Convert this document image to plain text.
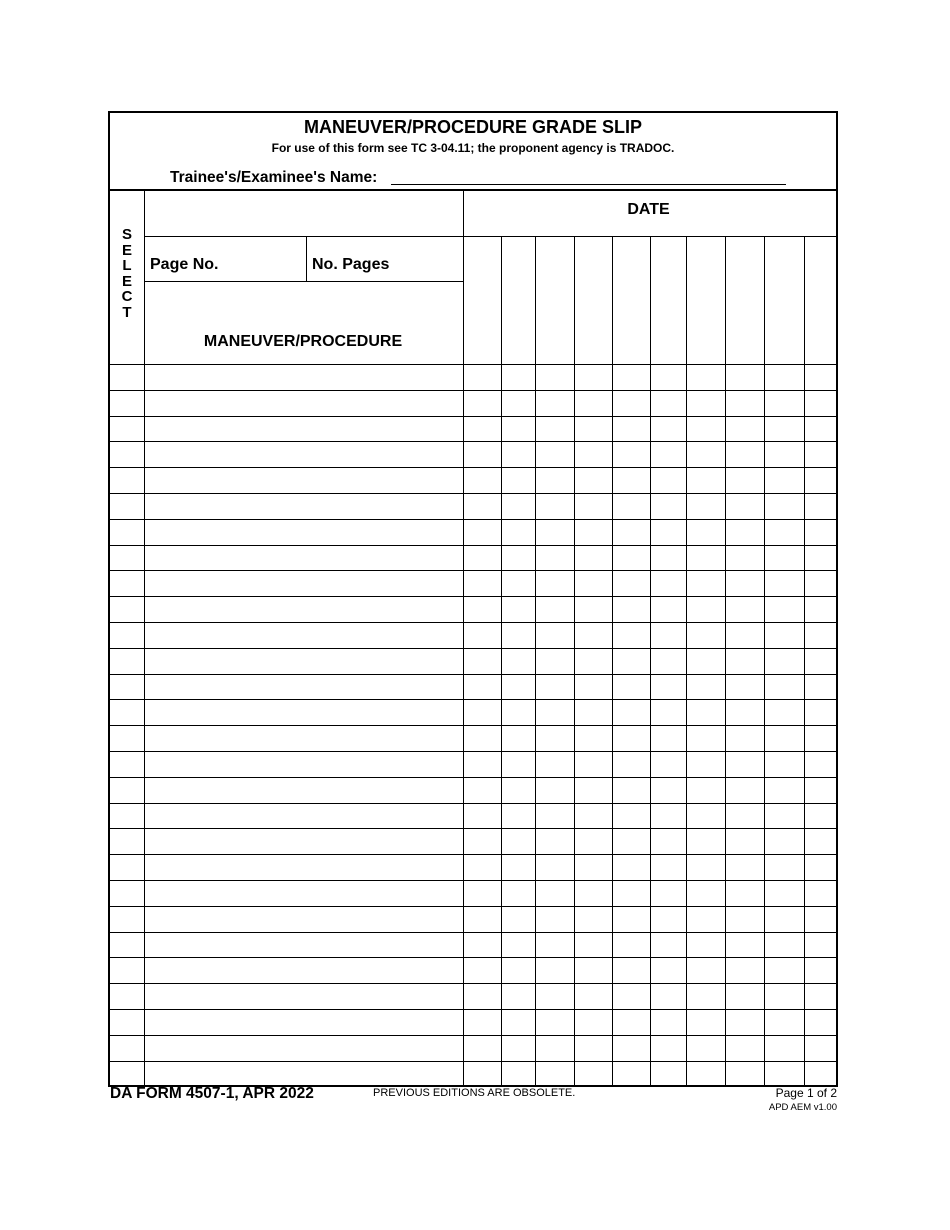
MANEUVER/PROCEDURE GRADE SLIP
For use of this form see TC 3-04.11; the proponent agency is TRADOC.
Trainee's/Examinee's Name:
S
E
L
E
C
T
DATE
Page No.	No. Pages
MANEUVER/PROCEDURE
DA FORM 4507-1, APR 2022	PREVIOUS EDITIONS ARE OBSOLETE.	Page 1 of 2
APD AEM v1.00
